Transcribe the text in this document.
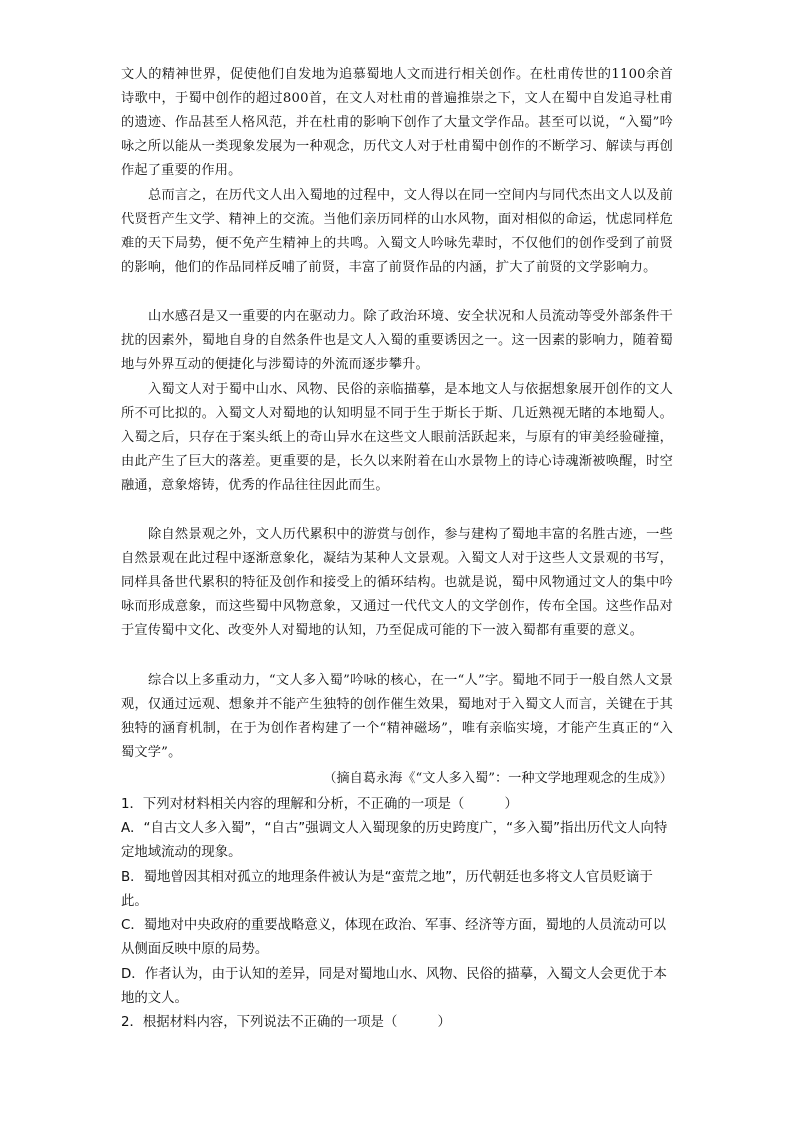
文人的精神世界，促使他们自发地为追慕蜀地人文而进行相关创作。在杜甫传世的1100余首诗歌中，于蜀中创作的超过800首，在文人对杜甫的普遍推崇之下，文人在蜀中自发追寻杜甫的遗迹、作品甚至人格风范，并在杜甫的影响下创作了大量文学作品。甚至可以说，“入蜀”吟咏之所以能从一类现象发展为一种观念，历代文人对于杜甫蜀中创作的不断学习、解读与再创作起了重要的作用。

总而言之，在历代文人出入蜀地的过程中，文人得以在同一空间内与同代杰出文人以及前代贤哲产生文学、精神上的交流。当他们亲历同样的山水风物，面对相似的命运，忧虑同样危难的天下局势，便不免产生精神上的共鸣。入蜀文人吟咏先辈时，不仅他们的创作受到了前贤的影响，他们的作品同样反哺了前贤，丰富了前贤作品的内涵，扩大了前贤的文学影响力。

山水感召是又一重要的内在驱动力。除了政治环境、安全状况和人员流动等受外部条件干扰的因素外，蜀地自身的自然条件也是文人入蜀的重要诱因之一。这一因素的影响力，随着蜀地与外界互动的便捷化与涉蜀诗的外流而逐步攀升。

入蜀文人对于蜀中山水、风物、民俗的亲临描摹，是本地文人与依据想象展开创作的文人所不可比拟的。入蜀文人对蜀地的认知明显不同于生于斯长于斯、几近熟视无睹的本地蜀人。入蜀之后，只存在于案头纸上的奇山异水在这些文人眼前活跃起来，与原有的审美经验碰撞，由此产生了巨大的落差。更重要的是，长久以来附着在山水景物上的诗心诗魂渐被唤醒，时空融通，意象熔铸，优秀的作品往往因此而生。

除自然景观之外，文人历代累积中的游赏与创作，参与建构了蜀地丰富的名胜古迹，一些自然景观在此过程中逐渐意象化，凝结为某种人文景观。入蜀文人对于这些人文景观的书写，同样具备世代累积的特征及创作和接受上的循环结构。也就是说，蜀中风物通过文人的集中吟咏而形成意象，而这些蜀中风物意象，又通过一代代文人的文学创作，传布全国。这些作品对于宣传蜀中文化、改变外人对蜀地的认知，乃至促成可能的下一波入蜀都有重要的意义。

综合以上多重动力，“文人多入蜀”吟咏的核心，在一“人”字。蜀地不同于一般自然人文景观，仅通过远观、想象并不能产生独特的创作催生效果，蜀地对于入蜀文人而言，关键在于其独特的涵育机制，在于为创作者构建了一个“精神磁场”，唯有亲临实境，才能产生真正的“入蜀文学”。

（摘自葛永海《“文人多入蜀”：一种文学地理观念的生成》）

1．下列对材料相关内容的理解和分析，不正确的一项是（　　　）

A．“自古文人多入蜀”，“自古”强调文人入蜀现象的历史跨度广，“多入蜀”指出历代文人向特定地域流动的现象。

B．蜀地曾因其相对孤立的地理条件被认为是“蛮荒之地”，历代朝廷也多将文人官员贬谪于此。

C．蜀地对中央政府的重要战略意义，体现在政治、军事、经济等方面，蜀地的人员流动可以从侧面反映中原的局势。

D．作者认为，由于认知的差异，同是对蜀地山水、风物、民俗的描摹，入蜀文人会更优于本地的文人。

2．根据材料内容，下列说法不正确的一项是（　　　）
